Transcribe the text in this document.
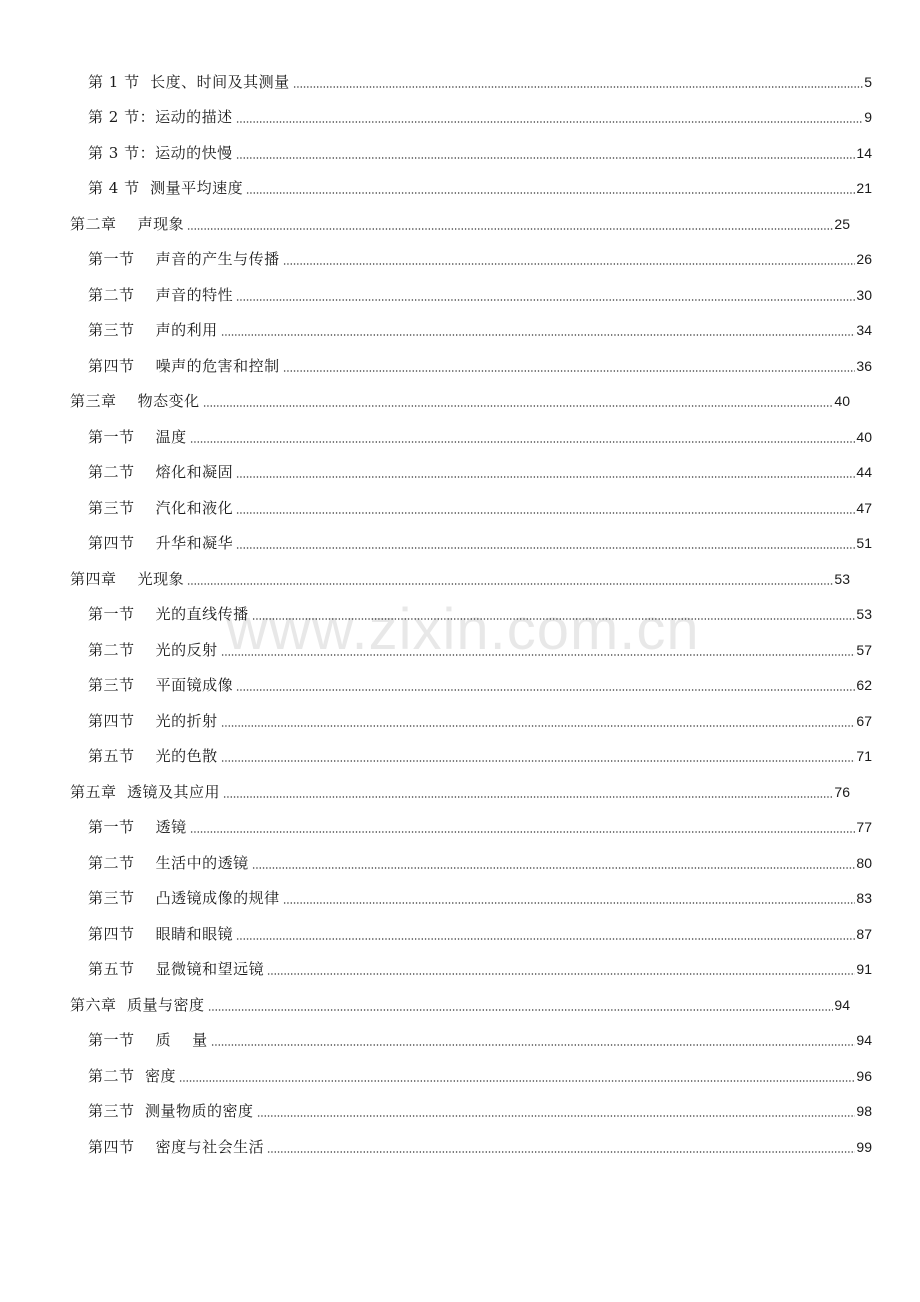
第 1 节  长度、时间及其测量	5
第 2 节：运动的描述	9
第 3 节：运动的快慢	14
第 4 节  测量平均速度	21
第二章    声现象	25
第一节    声音的产生与传播	26
第二节    声音的特性	30
第三节    声的利用	34
第四节    噪声的危害和控制	36
第三章    物态变化	40
第一节    温度	40
第二节    熔化和凝固	44
第三节    汽化和液化	47
第四节    升华和凝华	51
第四章    光现象	53
第一节    光的直线传播	53
第二节    光的反射	57
第三节    平面镜成像	62
第四节    光的折射	67
第五节    光的色散	71
第五章  透镜及其应用	76
第一节    透镜	77
第二节    生活中的透镜	80
第三节    凸透镜成像的规律	83
第四节    眼睛和眼镜	87
第五节    显微镜和望远镜	91
第六章  质量与密度	94
第一节    质    量	94
第二节  密度	96
第三节  测量物质的密度	98
第四节    密度与社会生活	99
www.zixin.com.cn
